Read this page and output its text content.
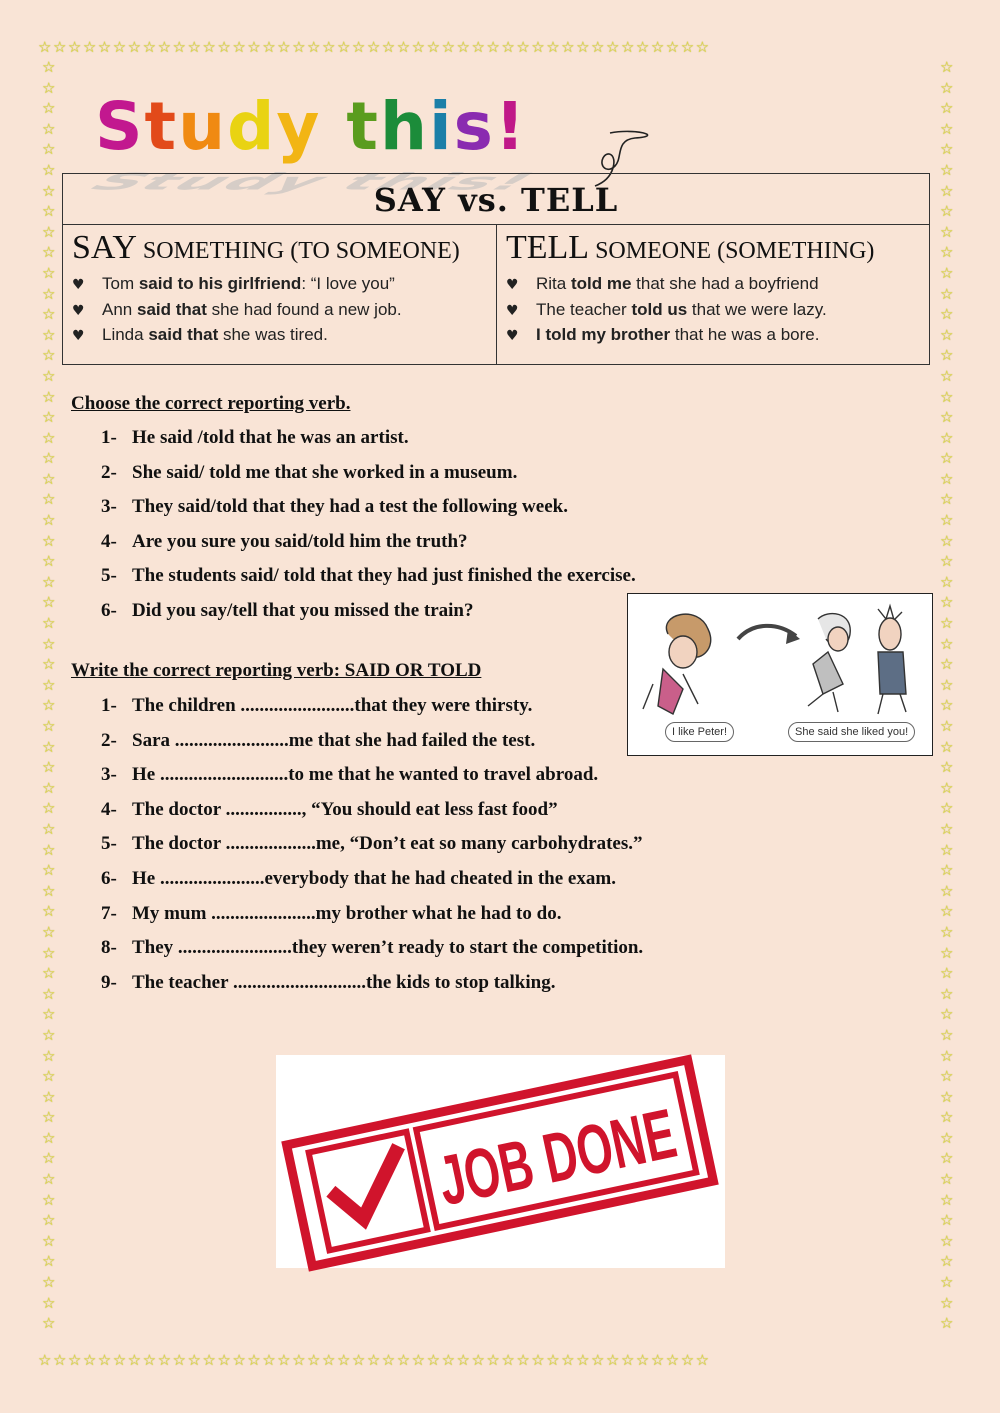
☆☆☆☆☆☆☆☆☆☆☆☆☆☆☆☆☆☆☆☆☆☆☆☆☆☆☆☆☆☆☆☆☆☆☆☆☆☆☆☆☆☆☆☆☆
☆☆☆☆☆☆☆☆☆☆☆☆☆☆☆☆☆☆☆☆☆☆☆☆☆☆☆☆☆☆☆☆☆☆☆☆☆☆☆☆☆☆☆☆☆
☆
☆
☆
☆
☆
☆
☆
☆
☆
☆
☆
☆
☆
☆
☆
☆
☆
☆
☆
☆
☆
☆
☆
☆
☆
☆
☆
☆
☆
☆
☆
☆
☆
☆
☆
☆
☆
☆
☆
☆
☆
☆
☆
☆
☆
☆
☆
☆
☆
☆
☆
☆
☆
☆
☆
☆
☆
☆
☆
☆
☆
☆
☆
☆
☆
☆
☆
☆
☆
☆
☆
☆
☆
☆
☆
☆
☆
☆
☆
☆
☆
☆
☆
☆
☆
☆
☆
☆
☆
☆
☆
☆
☆
☆
☆
☆
☆
☆
☆
☆
☆
☆
☆
☆
☆
☆
☆
☆
☆
☆
☆
☆
☆
☆
☆
☆
☆
☆
☆
☆
☆
☆
☆
☆
Study this!
Study this!
SAY vs. TELL
SAY SOMETHING (TO SOMEONE)
♥ Tom said to his girlfriend: “I love you”
♥ Ann said that she had found a new job.
♥ Linda said that she was tired.
TELL SOMEONE (SOMETHING)
♥ Rita told me that she had a boyfriend
♥ The teacher told us that we were lazy.
♥ I told my brother that he was a bore.
Choose the correct reporting verb.
1- He said /told that he was an artist.
2- She said/ told me that she worked in a museum.
3- They said/told that they had a test the following week.
4- Are you sure you said/told him the truth?
5- The students said/ told that they had just finished the exercise.
6- Did you say/tell that you missed the train?
I like Peter!	She said she liked you!
Write the correct reporting verb: SAID OR TOLD
1- The children ........................that they were thirsty.
2- Sara ........................me that she had failed the test.
3- He ...........................to me that he wanted to travel abroad.
4- The doctor ................, “You should eat less fast food”
5- The doctor ...................me, “Don’t eat so many carbohydrates.”
6- He ......................everybody that he had cheated in the exam.
7- My mum ......................my brother what he had to do.
8- They ........................they weren’t ready to start the competition.
9- The teacher ............................the kids to stop talking.
JOB DONE
